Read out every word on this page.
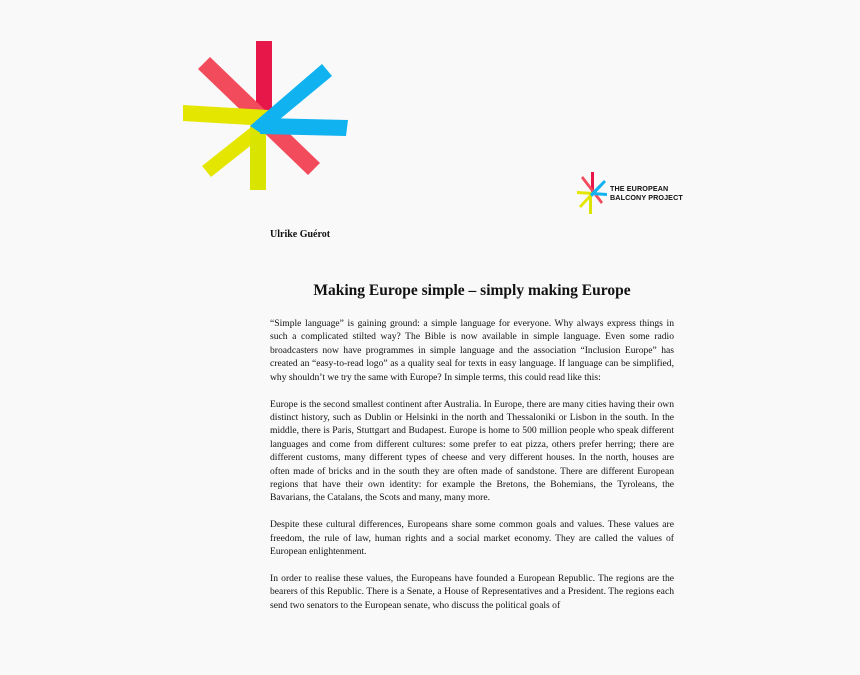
THE EUROPEAN
BALCONY PROJECT
Ulrike Guérot
Making Europe simple – simply making Europe

“Simple language” is gaining ground: a simple language for everyone. Why always express things in such a complicated stilted way? The Bible is now available in simple language. Even some radio broadcasters now have programmes in simple language and the association “Inclusion Europe” has created an “easy-to-read logo” as a quality seal for texts in easy language. If language can be simplified, why shouldn’t we try the same with Europe? In simple terms, this could read like this:

Europe is the second smallest continent after Australia. In Europe, there are many cities having their own distinct history, such as Dublin or Helsinki in the north and Thessaloniki or Lisbon in the south. In the middle, there is Paris, Stuttgart and Budapest. Europe is home to 500 million people who speak different languages and come from different cultures: some prefer to eat pizza, others prefer herring; there are different customs, many different types of cheese and very different houses. In the north, houses are often made of bricks and in the south they are often made of sandstone. There are different European regions that have their own identity: for example the Bretons, the Bohemians, the Tyroleans, the Bavarians, the Catalans, the Scots and many, many more.

Despite these cultural differences, Europeans share some common goals and values. These values are freedom, the rule of law, human rights and a social market economy. They are called the values of European enlightenment.

In order to realise these values, the Europeans have founded a European Republic. The regions are the bearers of this Republic. There is a Senate, a House of Representatives and a President. The regions each send two senators to the European senate, who discuss the political goals of
